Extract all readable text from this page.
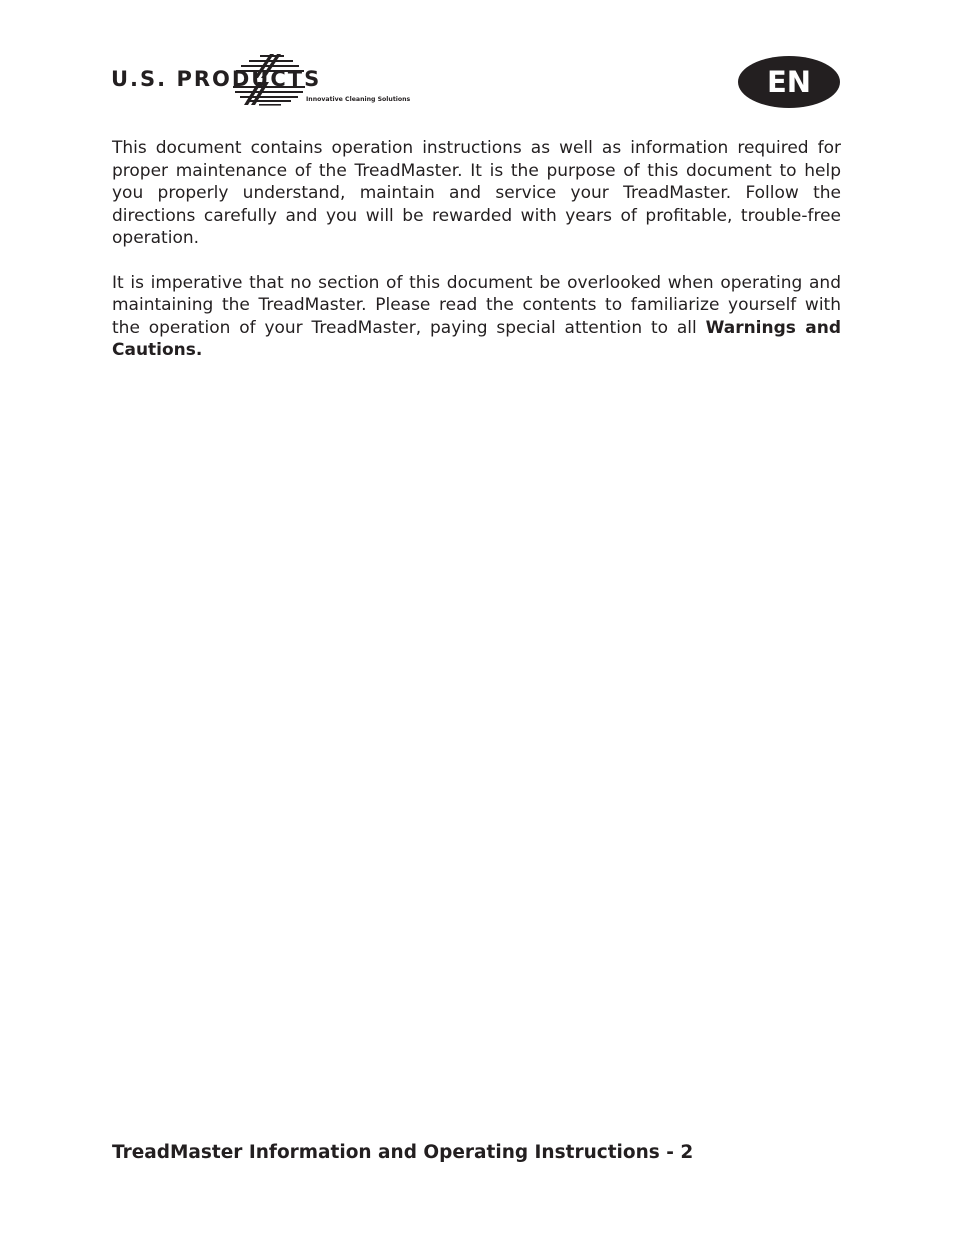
U.S. PRODUCTS
Innovative Cleaning Solutions
EN

This document contains operation instructions as well as information required for proper maintenance of the TreadMaster. It is the purpose of this document to help you properly understand, maintain and service your TreadMaster. Follow the directions carefully and you will be rewarded with years of profitable, trouble-free operation.

It is imperative that no section of this document be overlooked when operating and maintaining the TreadMaster. Please read the contents to familiarize yourself with the operation of your TreadMaster, paying special attention to all Warnings and Cautions.

TreadMaster Information and Operating Instructions - 2
